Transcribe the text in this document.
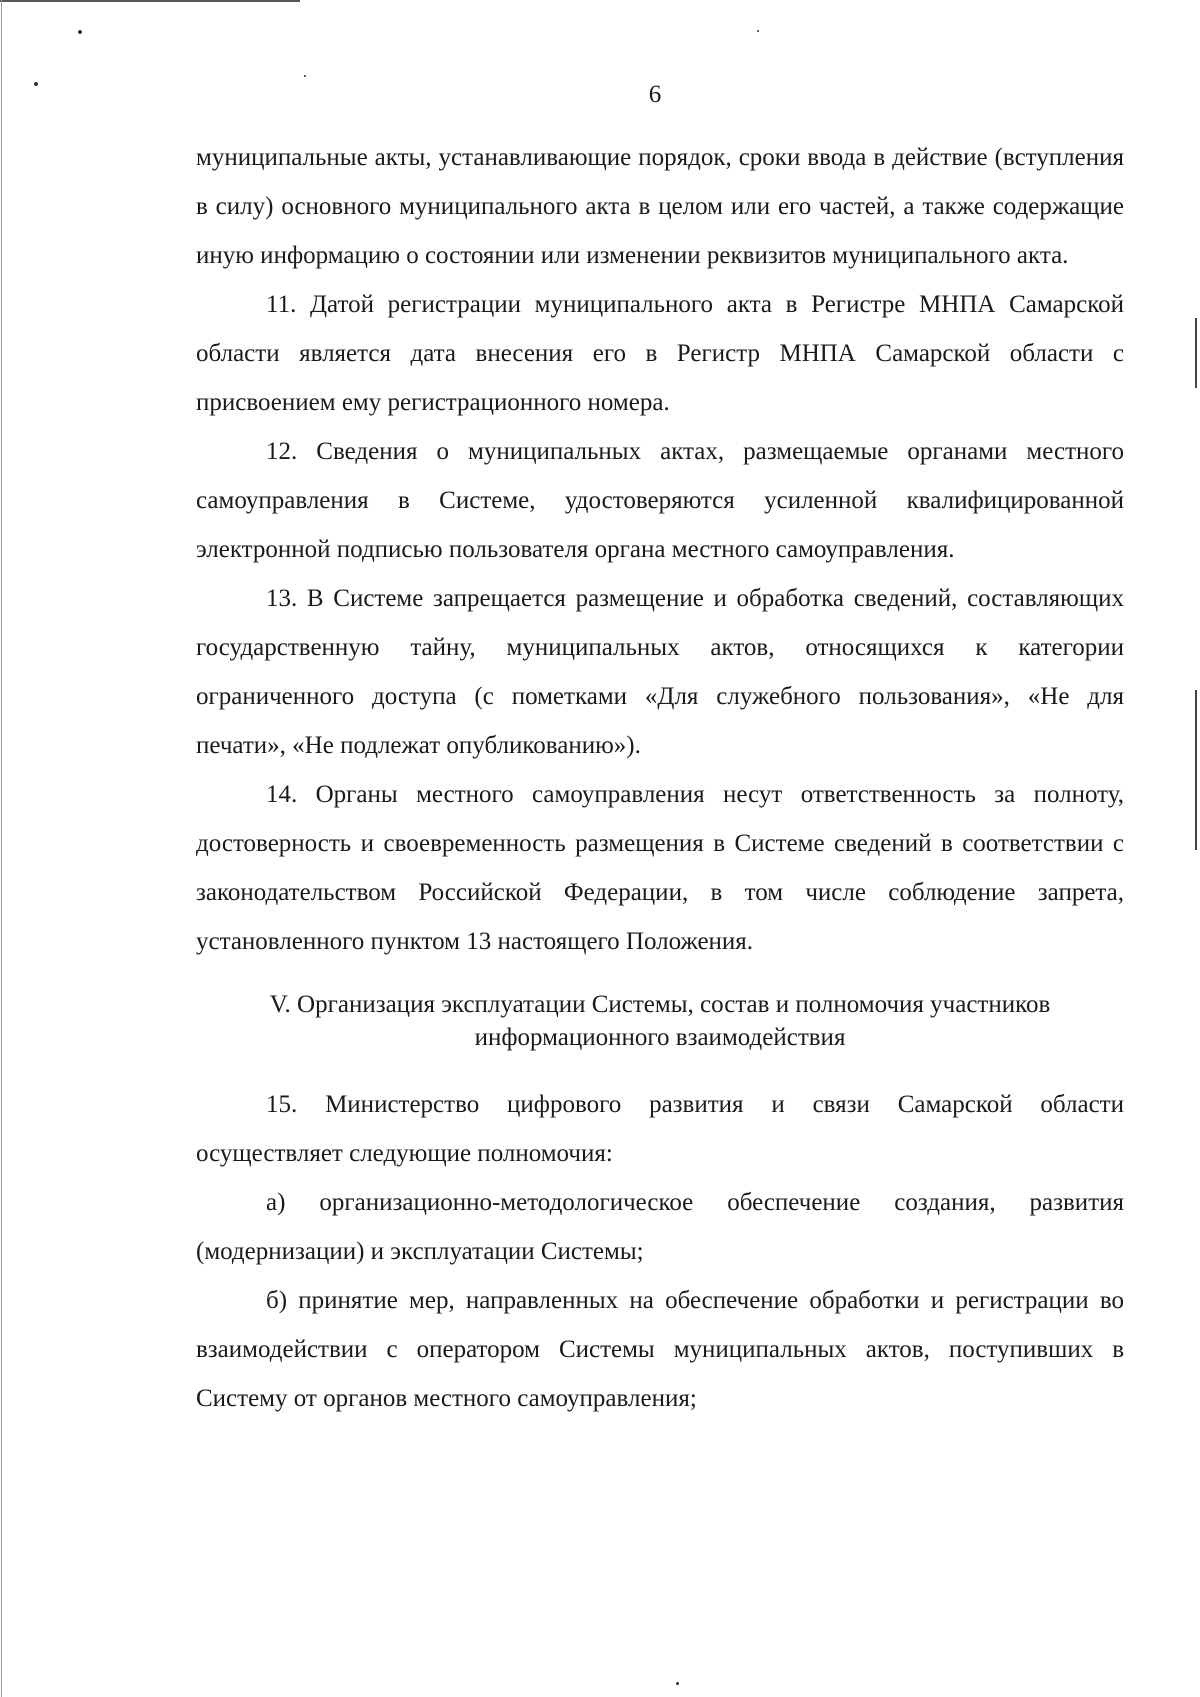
6

муниципальные акты, устанавливающие порядок, сроки ввода в действие (вступления в силу) основного муниципального акта в целом или его частей, а также содержащие иную информацию о состоянии или изменении реквизитов муниципального акта.

11. Датой регистрации муниципального акта в Регистре МНПА Самарской области является дата внесения его в Регистр МНПА Самарской области с присвоением ему регистрационного номера.

12. Сведения о муниципальных актах, размещаемые органами местного самоуправления в Системе, удостоверяются усиленной квалифицированной электронной подписью пользователя органа местного самоуправления.

13. В Системе запрещается размещение и обработка сведений, составляющих государственную тайну, муниципальных актов, относящихся к категории ограниченного доступа (с пометками «Для служебного пользования», «Не для печати», «Не подлежат опубликованию»).

14. Органы местного самоуправления несут ответственность за полноту, достоверность и своевременность размещения в Системе сведений в соответствии с законодательством Российской Федерации, в том числе соблюдение запрета, установленного пунктом 13 настоящего Положения.

V. Организация эксплуатации Системы, состав и полномочия участников
информационного взаимодействия

15. Министерство цифрового развития и связи Самарской области осуществляет следующие полномочия:

а) организационно-методологическое обеспечение создания, развития (модернизации) и эксплуатации Системы;

б) принятие мер, направленных на обеспечение обработки и регистрации во взаимодействии с оператором Системы муниципальных актов, поступивших в Систему от органов местного самоуправления;
